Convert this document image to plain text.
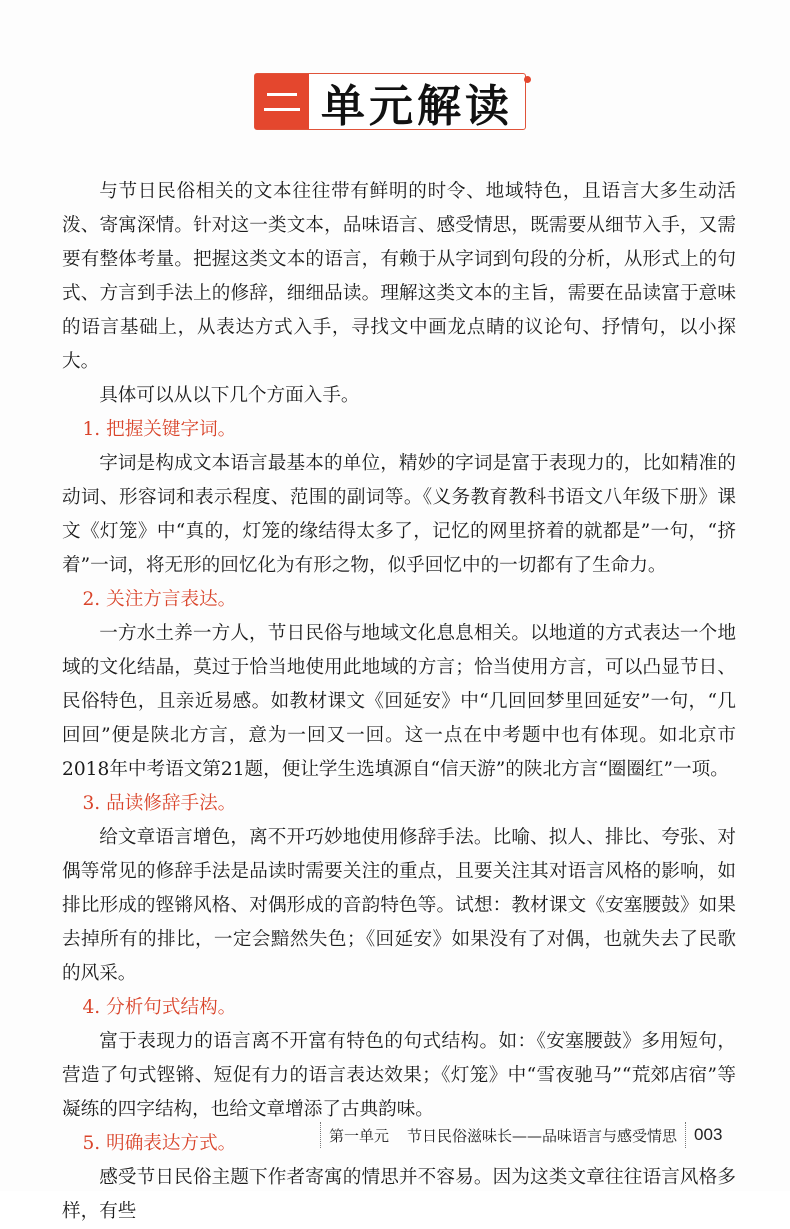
单元解读

与节日民俗相关的文本往往带有鲜明的时令、地域特色，且语言大多生动活泼、寄寓深情。针对这一类文本，品味语言、感受情思，既需要从细节入手，又需要有整体考量。把握这类文本的语言，有赖于从字词到句段的分析，从形式上的句式、方言到手法上的修辞，细细品读。理解这类文本的主旨，需要在品读富于意味的语言基础上，从表达方式入手，寻找文中画龙点睛的议论句、抒情句，以小探大。

具体可以从以下几个方面入手。

1. 把握关键字词。

字词是构成文本语言最基本的单位，精妙的字词是富于表现力的，比如精准的动词、形容词和表示程度、范围的副词等。《义务教育教科书语文八年级下册》课文《灯笼》中“真的，灯笼的缘结得太多了，记忆的网里挤着的就都是”一句，“挤着”一词，将无形的回忆化为有形之物，似乎回忆中的一切都有了生命力。

2. 关注方言表达。

一方水土养一方人，节日民俗与地域文化息息相关。以地道的方式表达一个地域的文化结晶，莫过于恰当地使用此地域的方言；恰当使用方言，可以凸显节日、民俗特色，且亲近易感。如教材课文《回延安》中“几回回梦里回延安”一句，“几回回”便是陕北方言，意为一回又一回。这一点在中考题中也有体现。如北京市2018年中考语文第21题，便让学生选填源自“信天游”的陕北方言“圈圈红”一项。

3. 品读修辞手法。

给文章语言增色，离不开巧妙地使用修辞手法。比喻、拟人、排比、夸张、对偶等常见的修辞手法是品读时需要关注的重点，且要关注其对语言风格的影响，如排比形成的铿锵风格、对偶形成的音韵特色等。试想：教材课文《安塞腰鼓》如果去掉所有的排比，一定会黯然失色；《回延安》如果没有了对偶，也就失去了民歌的风采。

4. 分析句式结构。

富于表现力的语言离不开富有特色的句式结构。如：《安塞腰鼓》多用短句，营造了句式铿锵、短促有力的语言表达效果；《灯笼》中“雪夜驰马”“荒郊店宿”等凝练的四字结构，也给文章增添了古典韵味。

5. 明确表达方式。

感受节日民俗主题下作者寄寓的情思并不容易。因为这类文章往往语言风格多样，有些

第一单元 节日民俗滋味长——品味语言与感受情思 003
